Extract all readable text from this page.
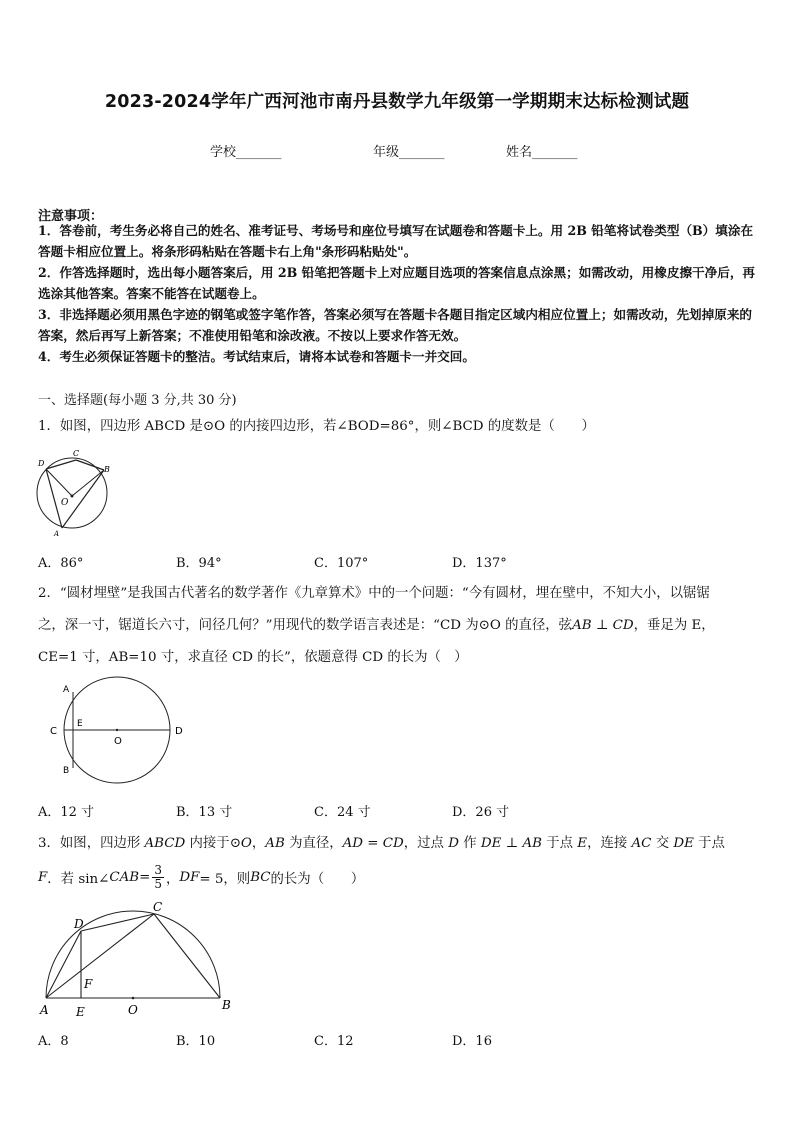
2023-2024学年广西河池市南丹县数学九年级第一学期期末达标检测试题
学校_______	年级_______	姓名_______
注意事项：
1．答卷前，考生务必将自己的姓名、准考证号、考场号和座位号填写在试题卷和答题卡上。用 2B 铅笔将试卷类型（B）填涂在答题卡相应位置上。将条形码粘贴在答题卡右上角"条形码粘贴处"。
2．作答选择题时，选出每小题答案后，用 2B 铅笔把答题卡上对应题目选项的答案信息点涂黑；如需改动，用橡皮擦干净后，再选涂其他答案。答案不能答在试题卷上。
3．非选择题必须用黑色字迹的钢笔或签字笔作答，答案必须写在答题卡各题目指定区域内相应位置上；如需改动，先划掉原来的答案，然后再写上新答案；不准使用铅笔和涂改液。不按以上要求作答无效。
4．考生必须保证答题卡的整洁。考试结束后，请将本试卷和答题卡一并交回。
一、选择题(每小题 3 分,共 30 分)
1．如图，四边形 ABCD 是⊙O 的内接四边形，若∠BOD=86°，则∠BCD 的度数是（　　）
D
C
B
O
A
A．86°	B．94°	C．107°	D．137°
2．“圆材埋壁”是我国古代著名的数学著作《九章算术》中的一个问题：“今有圆材，埋在壁中，不知大小，以锯锯
之，深一寸，锯道长六寸，问径几何？”用现代的数学语言表述是：“CD 为⊙O 的直径，弦AB ⊥ CD，垂足为 E，
CE=1 寸，AB=10 寸，求直径 CD 的长”，依题意得 CD 的长为（　）
A
C
E
O
D
B
A．12 寸	B．13 寸	C．24 寸	D．26 寸
3．如图，四边形 ABCD 内接于⊙O，AB 为直径，AD = CD，过点 D 作 DE ⊥ AB 于点 E，连接 AC 交 DE 于点
F ．若 sin∠ CAB = $\frac{3}{5}$ ， DF = 5，则 BC 的长为（　　）
D
C
F
A E	O	B
A．8	B．10	C．12	D．16
